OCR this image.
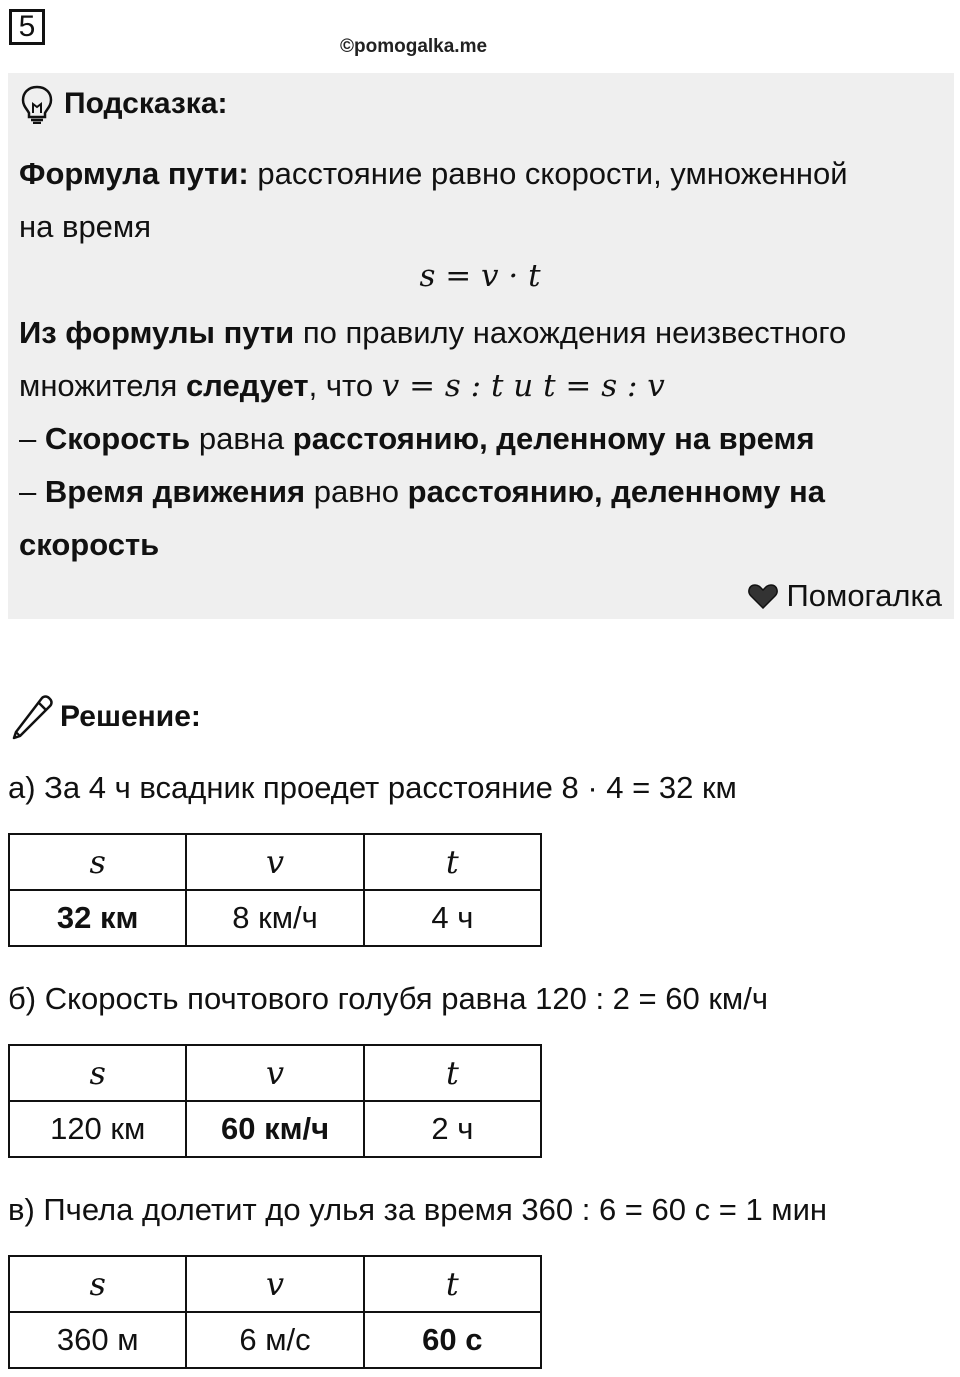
5
©pomogalka.me
Подсказка:
Формула пути: расстояние равно скорости, умноженной
на время
s = v · t
Из формулы пути по правилу нахождения неизвестного
множителя следует, что v = s : t и t = s : v
– Скорость равна расстоянию, деленному на время
– Время движения равно расстоянию, деленному на
скорость
Помогалка
Решение:
а) За 4 ч всадник проедет расстояние 8 · 4 = 32 км
s	v	t
32 км	8 км/ч	4 ч
б) Скорость почтового голубя равна 120 : 2 = 60 км/ч
s	v	t
120 км	60 км/ч	2 ч
в) Пчела долетит до улья за время 360 : 6 = 60 с = 1 мин
s	v	t
360 м	6 м/с	60 с
